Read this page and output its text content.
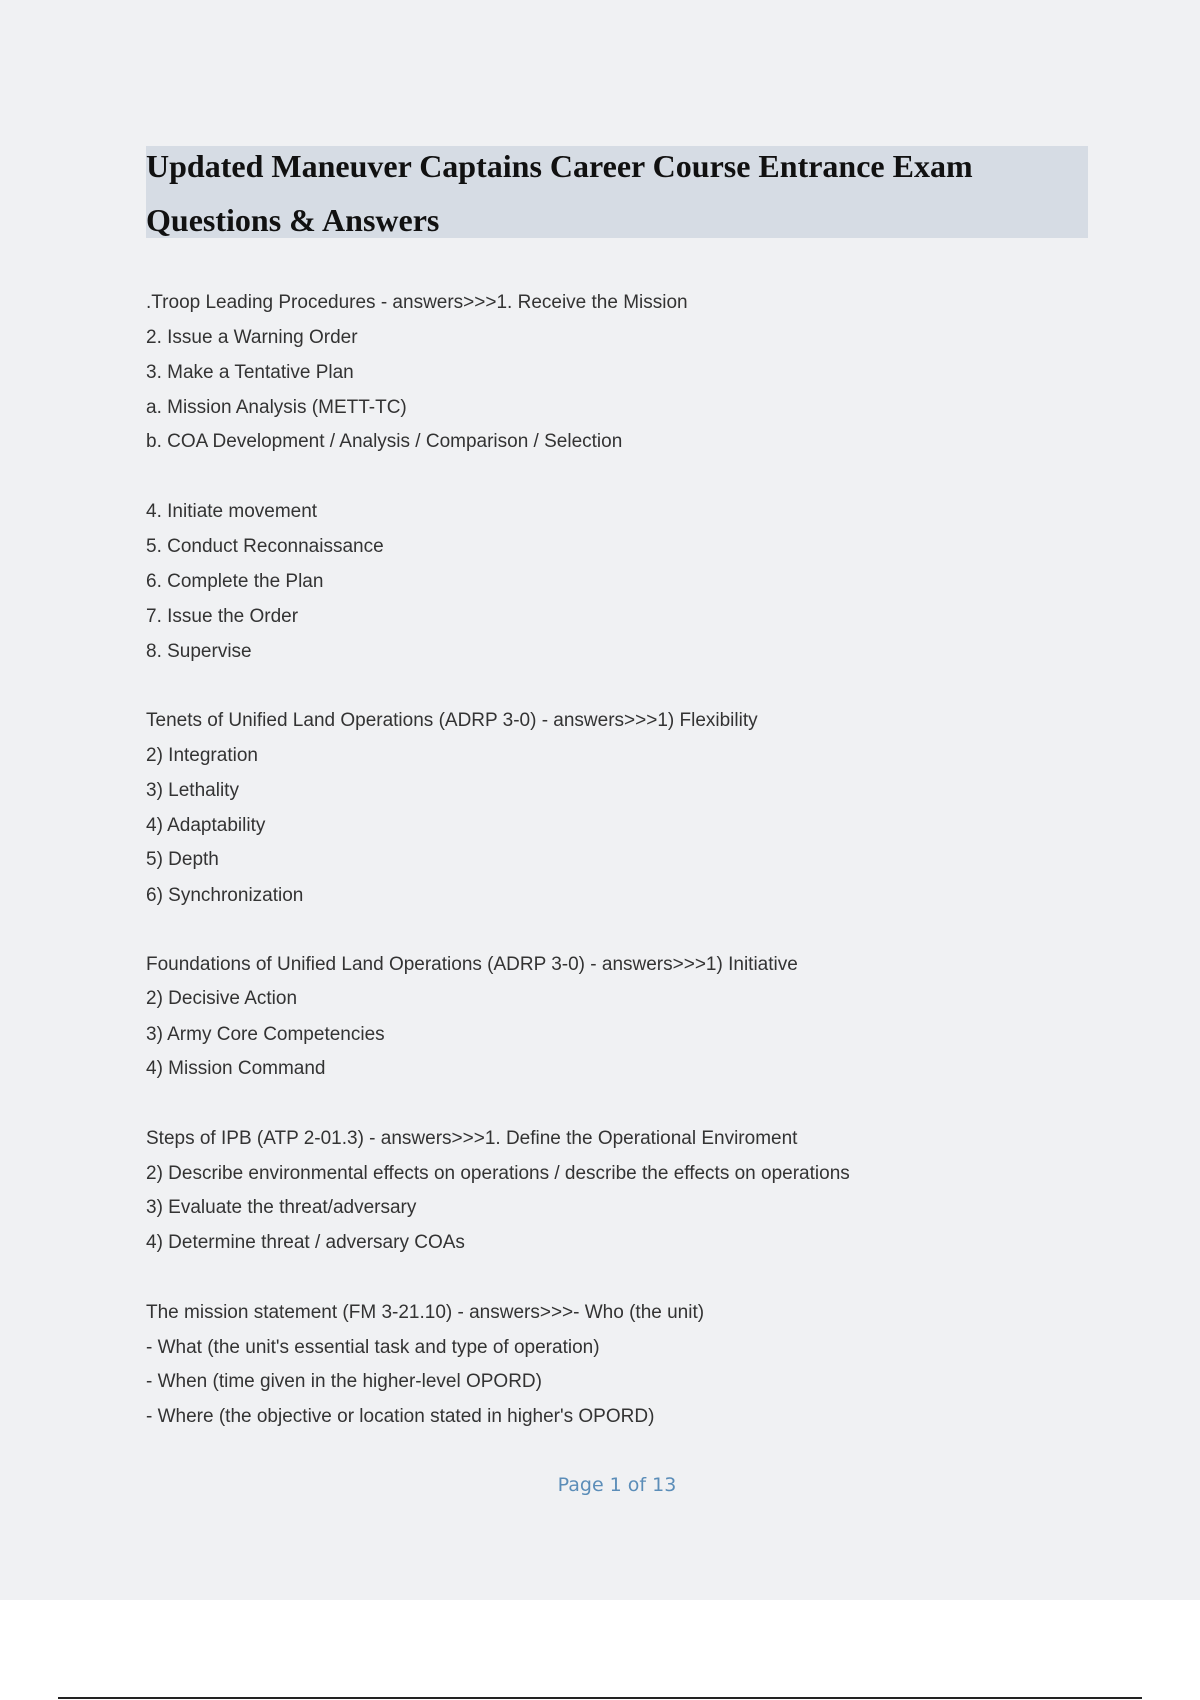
Updated Maneuver Captains Career Course Entrance Exam
Questions & Answers
.Troop Leading Procedures - answers>>>1. Receive the Mission
2. Issue a Warning Order
3. Make a Tentative Plan
a. Mission Analysis (METT-TC)
b. COA Development / Analysis / Comparison / Selection
4. Initiate movement
5. Conduct Reconnaissance
6. Complete the Plan
7. Issue the Order
8. Supervise
Tenets of Unified Land Operations (ADRP 3-0) - answers>>>1) Flexibility
2) Integration
3) Lethality
4) Adaptability
5) Depth
6) Synchronization
Foundations of Unified Land Operations (ADRP 3-0) - answers>>>1) Initiative
2) Decisive Action
3) Army Core Competencies
4) Mission Command
Steps of IPB (ATP 2-01.3) - answers>>>1. Define the Operational Enviroment
2) Describe environmental effects on operations / describe the effects on operations
3) Evaluate the threat/adversary
4) Determine threat / adversary COAs
The mission statement (FM 3-21.10) - answers>>>- Who (the unit)
- What (the unit's essential task and type of operation)
- When (time given in the higher-level OPORD)
- Where (the objective or location stated in higher's OPORD)
Page 1 of 13
